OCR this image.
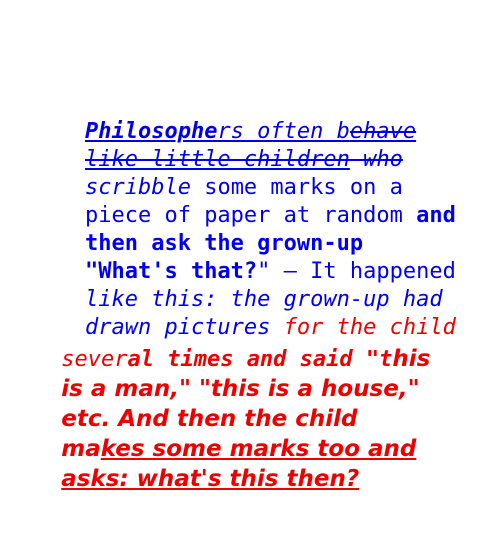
Philosophers often behave

like little children who

scribble some marks on a

piece of paper at random and

then ask the grown-up

"What's that?" — It happened

like this: the grown-up had

drawn pictures for the child

several times and said "this

is a man," "this is a house,"

etc. And then the child

makes some marks too and

asks: what's this then?
